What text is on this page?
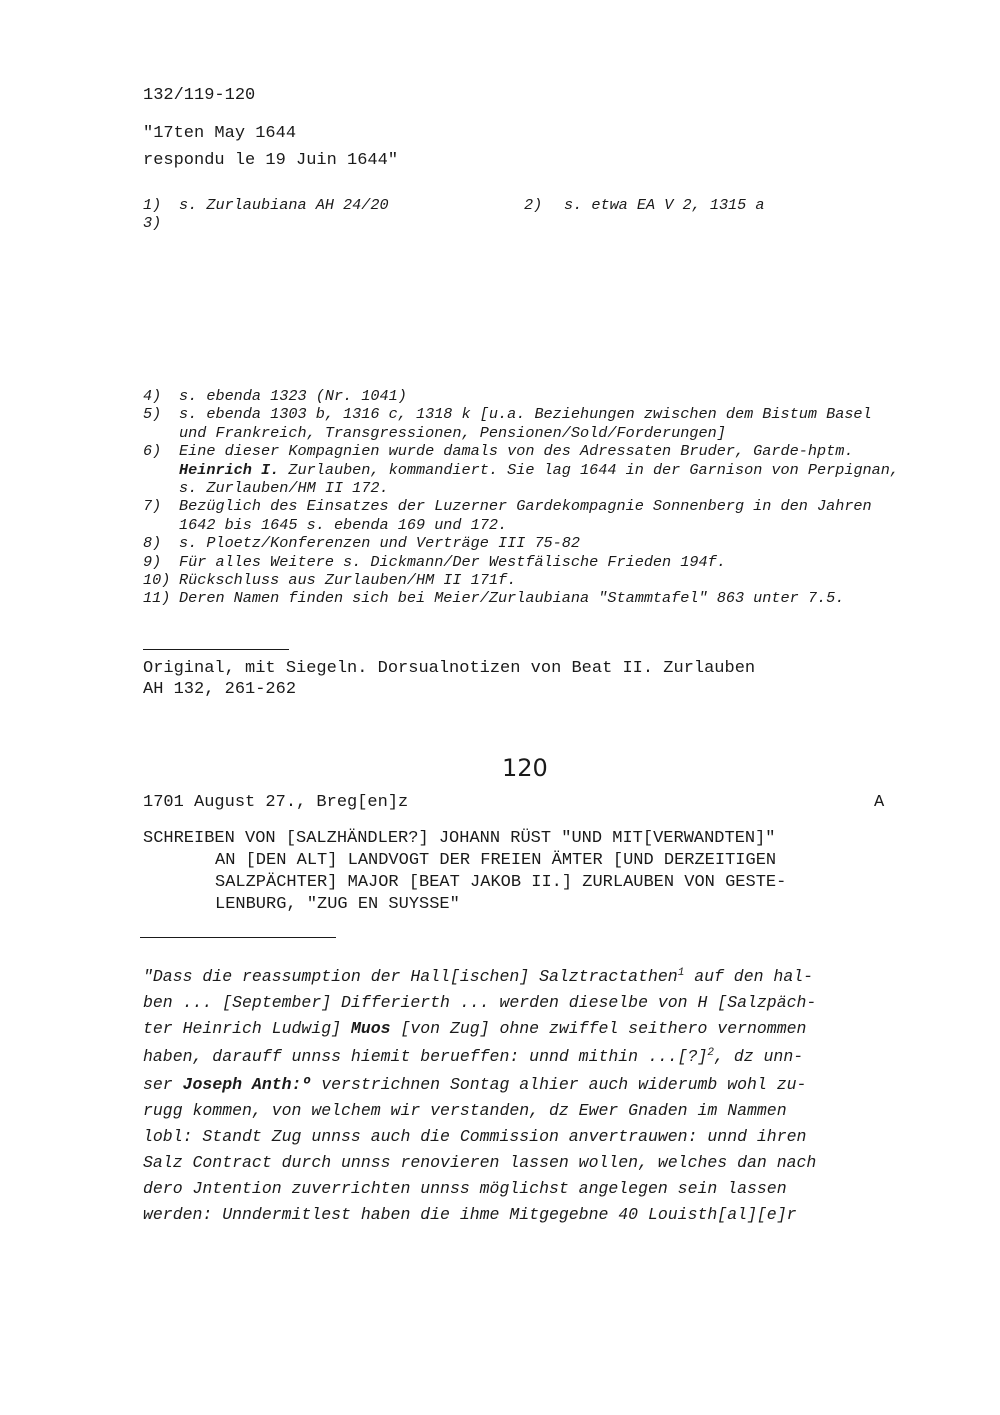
132/119-120
"17ten May 1644
respondu le 19 Juin 1644"
1) s. Zurlaubiana AH 24/20	2) s. etwa EA V 2, 1315 a
3)
4)	s. ebenda 1323 (Nr. 1041)
5)	s. ebenda 1303 b, 1316 c, 1318 k [u.a. Beziehungen zwischen dem Bistum Basel und Frankreich, Transgressionen, Pensionen/Sold/Forderungen]
6)	Eine dieser Kompagnien wurde damals von des Adressaten Bruder, Garde-hptm. Heinrich I. Zurlauben, kommandiert. Sie lag 1644 in der Garnison von Perpignan, s. Zurlauben/HM II 172.
7)	Bezüglich des Einsatzes der Luzerner Gardekompagnie Sonnenberg in den Jahren 1642 bis 1645 s. ebenda 169 und 172.
8)	s. Ploetz/Konferenzen und Verträge III 75-82
9)	Für alles Weitere s. Dickmann/Der Westfälische Frieden 194f.
10) Rückschluss aus Zurlauben/HM II 171f.
11) Deren Namen finden sich bei Meier/Zurlaubiana "Stammtafel" 863 unter 7.5.
Original, mit Siegeln. Dorsualnotizen von Beat II. Zurlauben
AH 132, 261-262
120
1701 August 27., Breg[en]z	A
SCHREIBEN VON [SALZHÄNDLER?] JOHANN RÜST "UND MIT[VERWANDTEN]"
AN [DEN ALT] LANDVOGT DER FREIEN ÄMTER [UND DERZEITIGEN
SALZPÄCHTER] MAJOR [BEAT JAKOB II.] ZURLAUBEN VON GESTE-
LENBURG, "ZUG EN SUYSSE"
"Dass die reassumption der Hall[ischen] Salztractathen$^1$ auf den hal-
ben ... [September] Differierth ... werden dieselbe von H [Salzpäch-
ter Heinrich Ludwig] Muos [von Zug] ohne zwiffel seithero vernommen
haben, darauff unnss hiemit berueffen: unnd mithin ...[?]$^2$, dz unn-
ser Joseph Anth:º verstrichnen Sontag alhier auch widerumb wohl zu-
rugg kommen, von welchem wir verstanden, dz Ewer Gnaden im Nammen
lobl: Standt Zug unnss auch die Commission anvertrauwen: unnd ihren
Salz Contract durch unnss renovieren lassen wollen, welches dan nach
dero Jntention zuverrichten unnss möglichst angelegen sein lassen
werden: Unndermitlest haben die ihme Mitgegebne 40 Louisth[al][e]r
